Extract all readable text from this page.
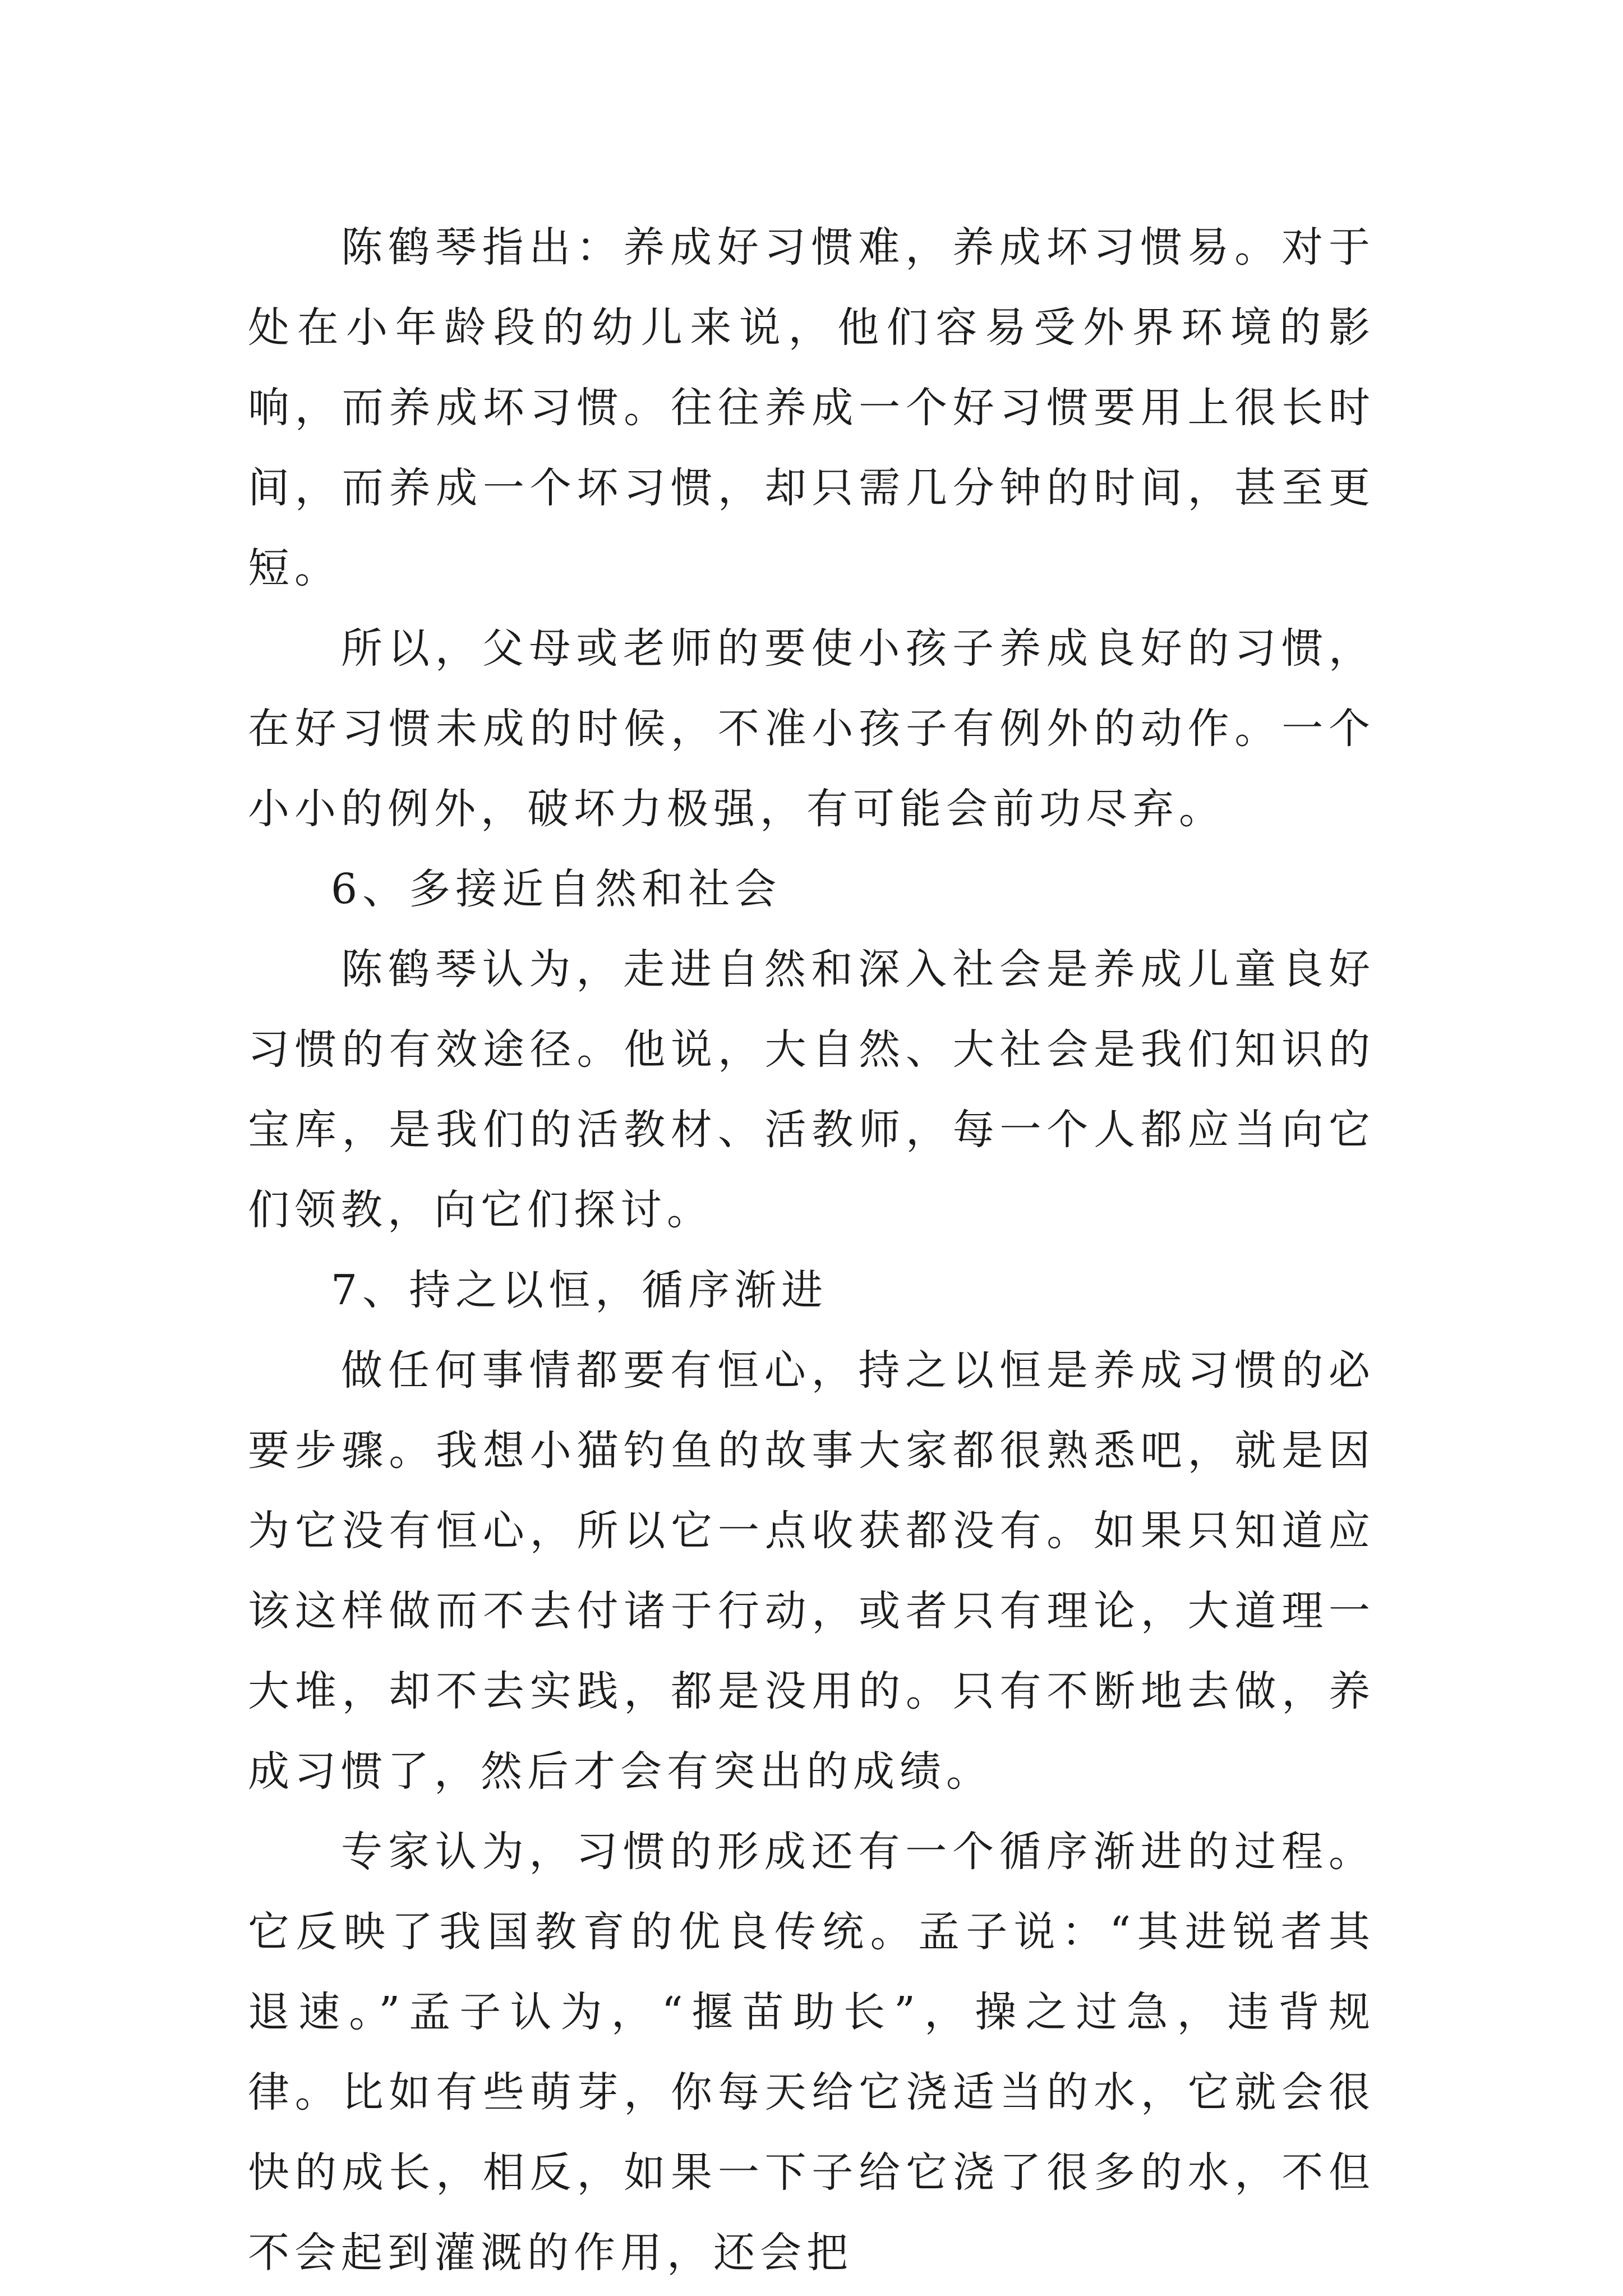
陈鹤琴指出：养成好习惯难，养成坏习惯易。对于处在小年龄段的幼儿来说，他们容易受外界环境的影响，而养成坏习惯。往往养成一个好习惯要用上很长时间，而养成一个坏习惯，却只需几分钟的时间，甚至更短。

所以，父母或老师的要使小孩子养成良好的习惯，在好习惯未成的时候，不准小孩子有例外的动作。一个小小的例外，破坏力极强，有可能会前功尽弃。

6、多接近自然和社会

陈鹤琴认为，走进自然和深入社会是养成儿童良好习惯的有效途径。他说，大自然、大社会是我们知识的宝库，是我们的活教材、活教师，每一个人都应当向它们领教，向它们探讨。

7、持之以恒，循序渐进

做任何事情都要有恒心，持之以恒是养成习惯的必要步骤。我想小猫钓鱼的故事大家都很熟悉吧，就是因为它没有恒心，所以它一点收获都没有。如果只知道应该这样做而不去付诸于行动，或者只有理论，大道理一大堆，却不去实践，都是没用的。只有不断地去做，养成习惯了，然后才会有突出的成绩。

专家认为，习惯的形成还有一个循序渐进的过程。它反映了我国教育的优良传统。孟子说：“其进锐者其退速。”孟子认为，“揠苗助长”，操之过急，违背规律。比如有些萌芽，你每天给它浇适当的水，它就会很快的成长，相反，如果一下子给它浇了很多的水，不但不会起到灌溉的作用，还会把
